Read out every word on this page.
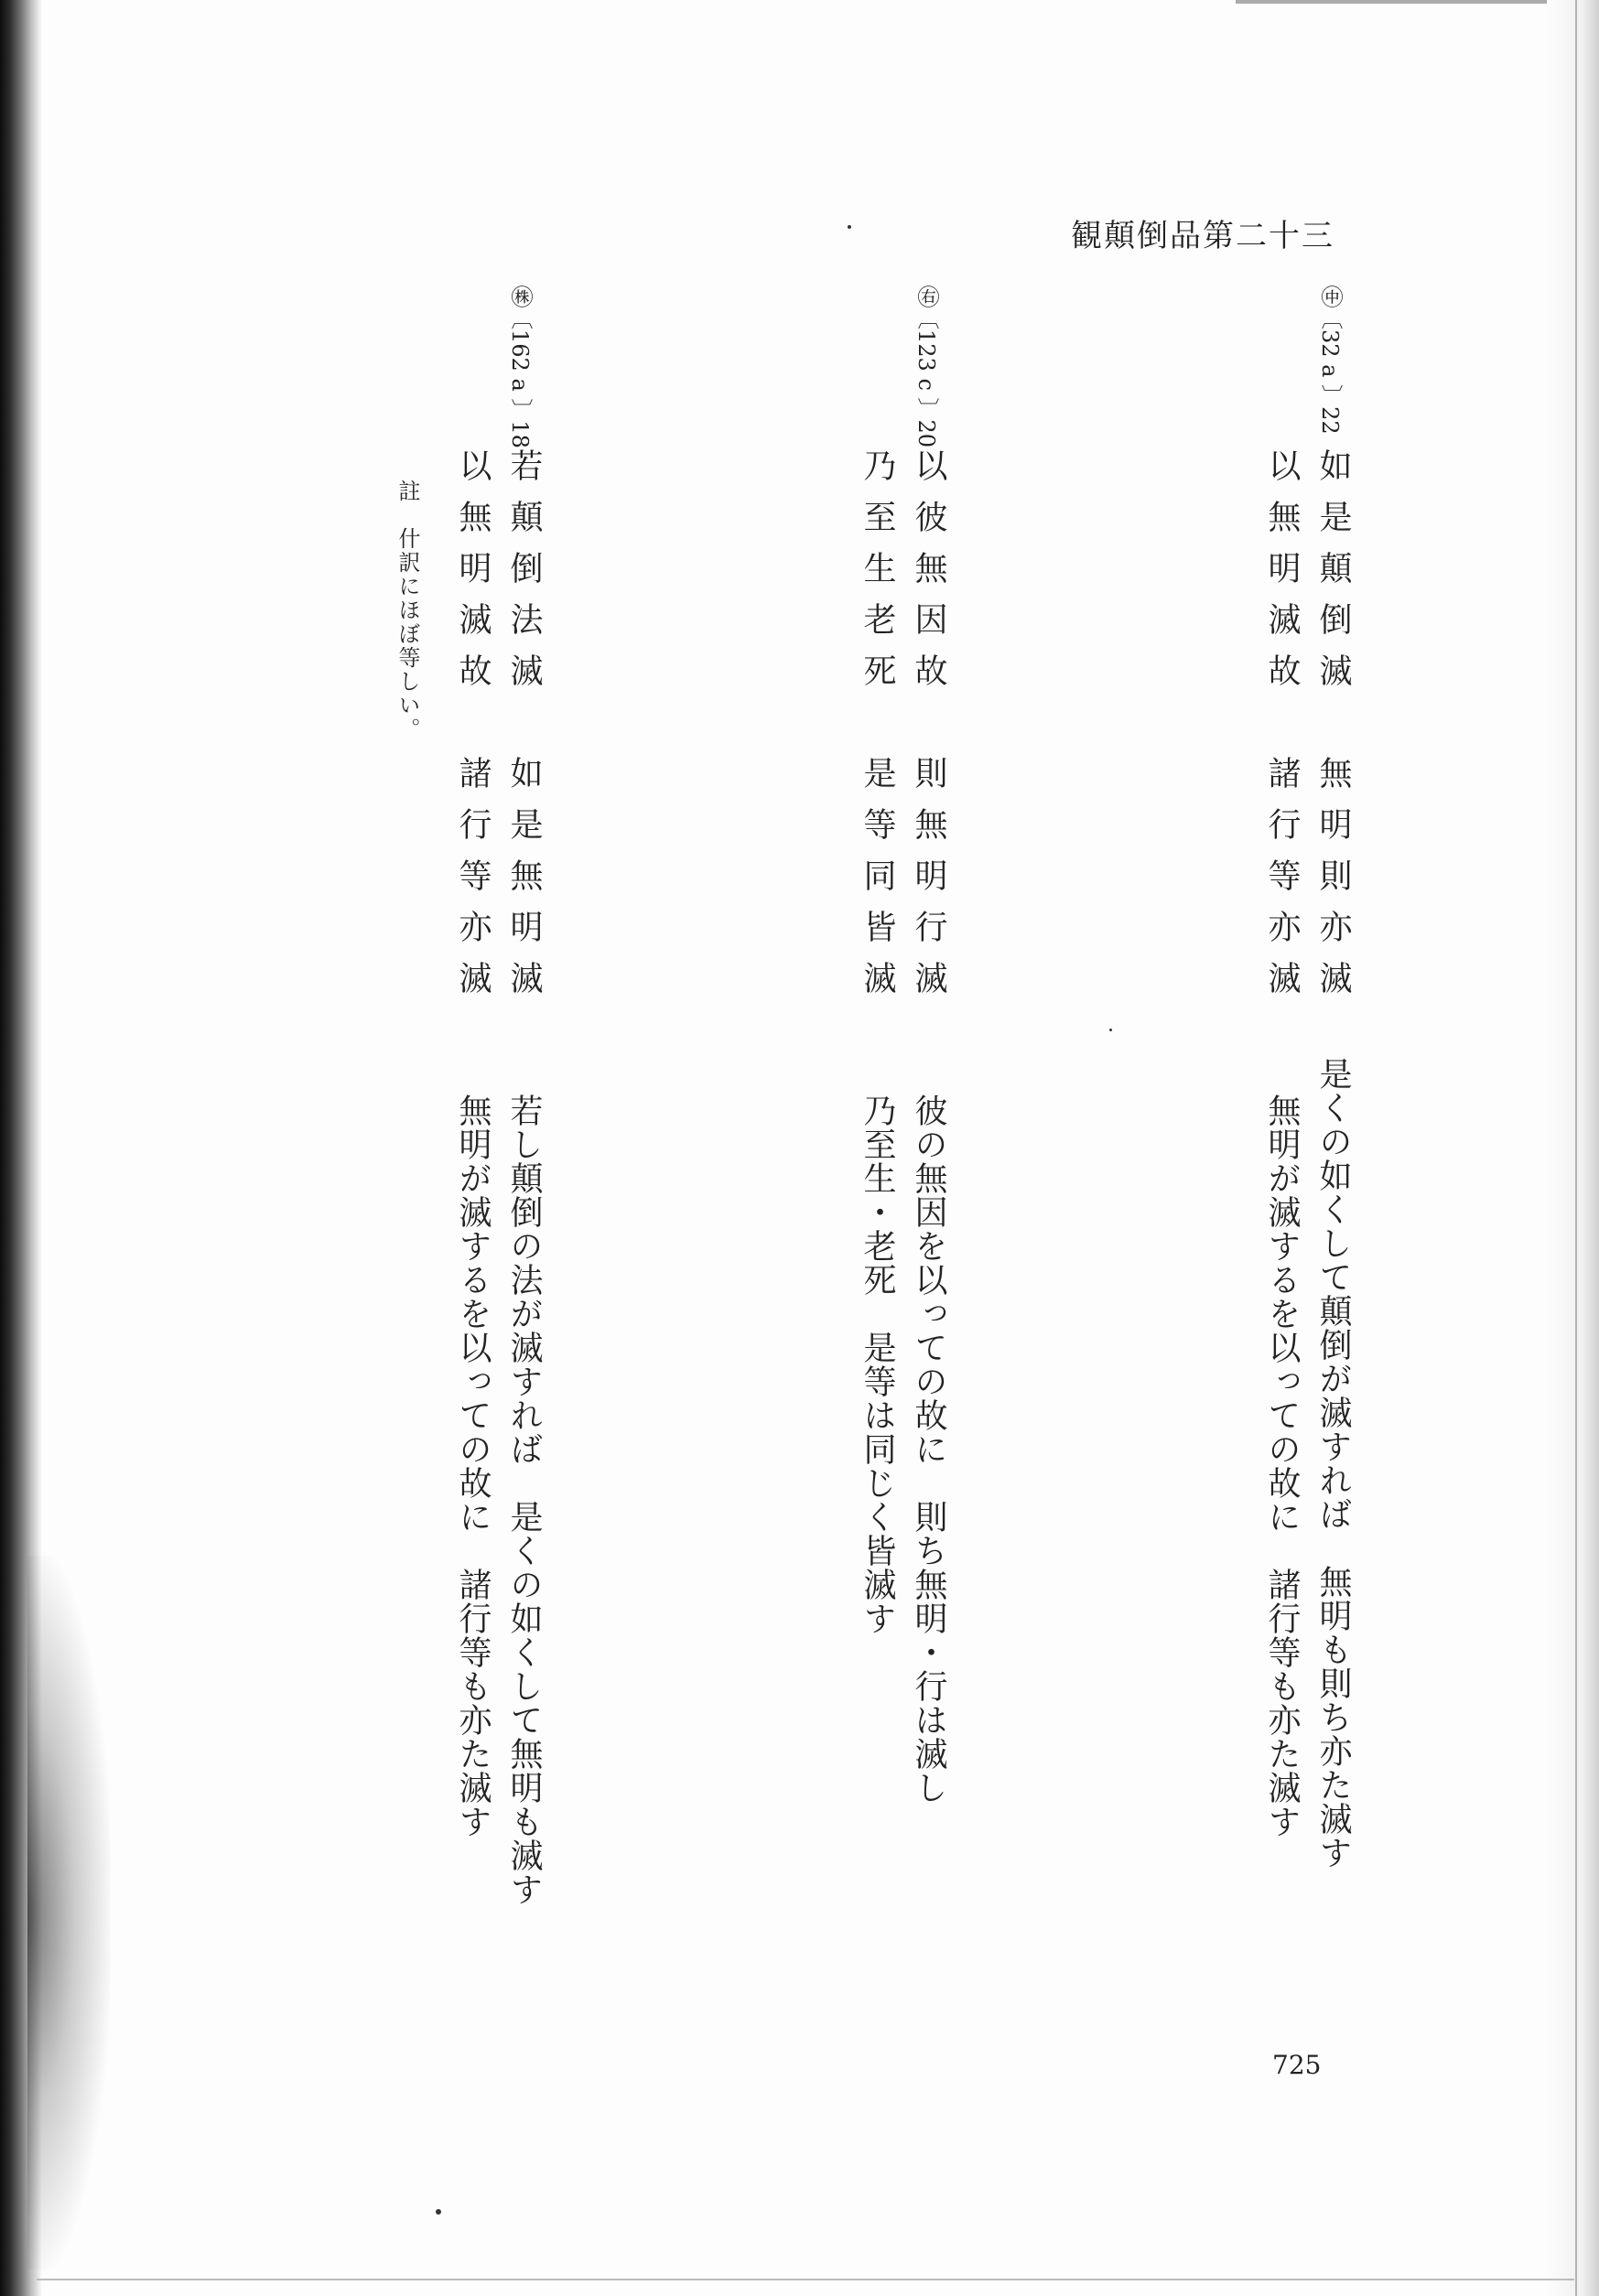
観顛倒品第二十三
㊥〔32 a 〕22
如是顛倒滅　無明則亦滅
以無明滅故　諸行等亦滅
是くの如くして顛倒が滅すれば　無明も則ち亦た滅す
無明が滅するを以っての故に　諸行等も亦た滅す
㊨〔123 c 〕20
以彼無因故　則無明行滅
乃至生老死　是等同皆滅
彼の無因を以っての故に　則ち無明・行は滅し
乃至生・老死　是等は同じく皆滅す
㊑〔162 a 〕18
若顛倒法滅　如是無明滅
以無明滅故　諸行等亦滅
若し顛倒の法が滅すれば　是くの如くして無明も滅す
無明が滅するを以っての故に　諸行等も亦た滅す
註　什訳にほぼ等しい。
725
